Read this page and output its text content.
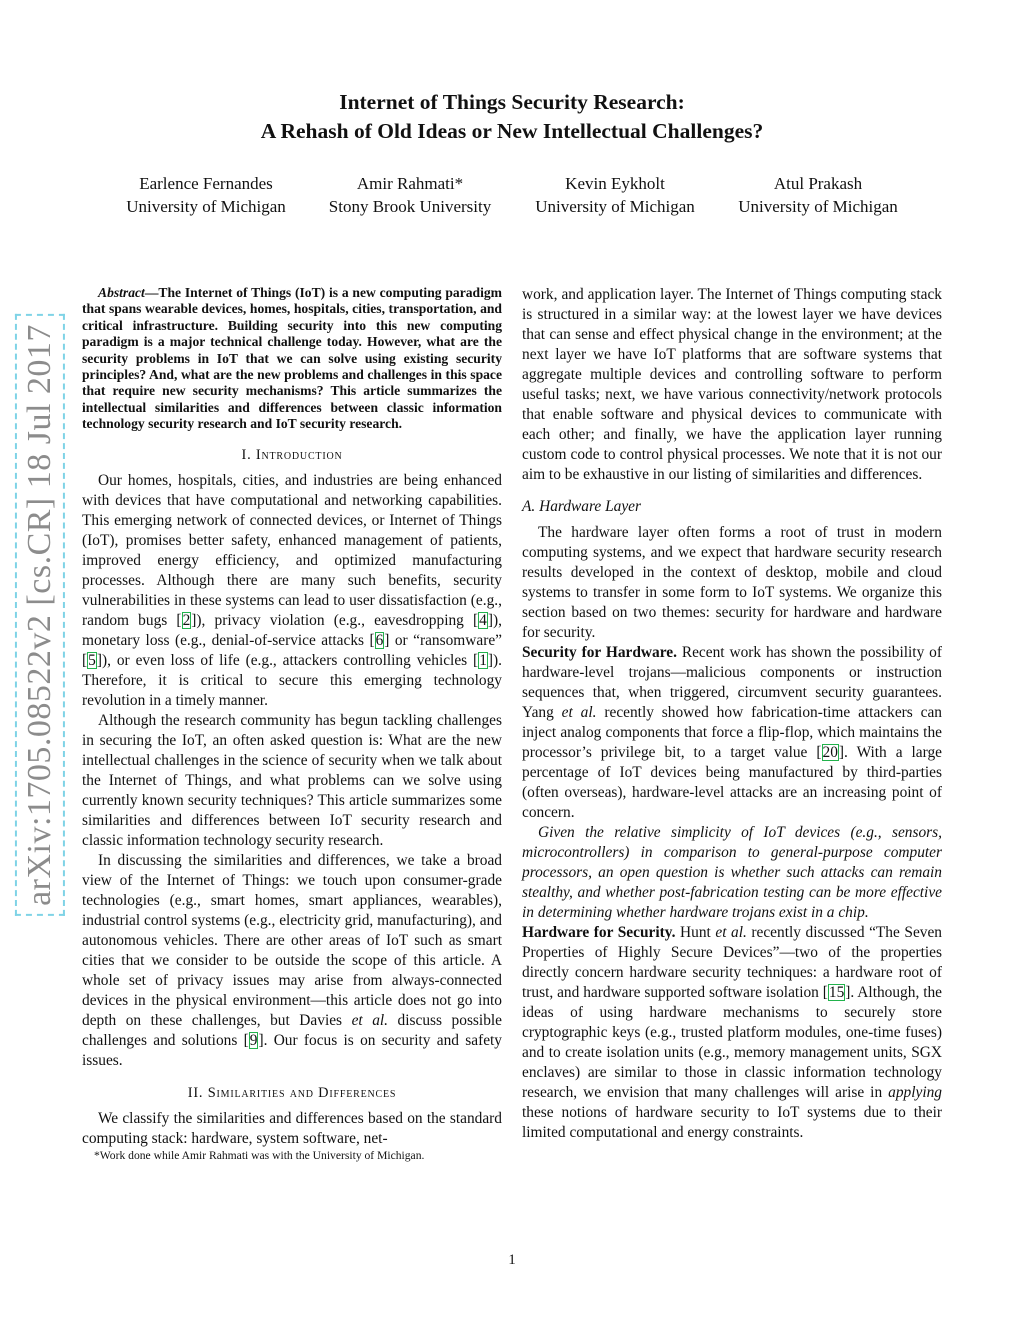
arXiv:1705.08522v2 [cs.CR] 18 Jul 2017
Internet of Things Security Research:
A Rehash of Old Ideas or New Intellectual Challenges?
Earlence Fernandes
University of Michigan
Amir Rahmati*
Stony Brook University
Kevin Eykholt
University of Michigan
Atul Prakash
University of Michigan

Abstract—The Internet of Things (IoT) is a new computing paradigm that spans wearable devices, homes, hospitals, cities, transportation, and critical infrastructure. Building security into this new computing paradigm is a major technical challenge today. However, what are the security problems in IoT that we can solve using existing security principles? And, what are the new problems and challenges in this space that require new security mechanisms? This article summarizes the intellectual similarities and differences between classic information technology security research and IoT security research.

I. Introduction

Our homes, hospitals, cities, and industries are being enhanced with devices that have computational and networking capabilities. This emerging network of connected devices, or Internet of Things (IoT), promises better safety, enhanced management of patients, improved energy efficiency, and optimized manufacturing processes. Although there are many such benefits, security vulnerabilities in these systems can lead to user dissatisfaction (e.g., random bugs [2]), privacy violation (e.g., eavesdropping [4]), monetary loss (e.g., denial-of-service attacks [6] or “ransomware” [5]), or even loss of life (e.g., attackers controlling vehicles [1]). Therefore, it is critical to secure this emerging technology revolution in a timely manner.

Although the research community has begun tackling challenges in securing the IoT, an often asked question is: What are the new intellectual challenges in the science of security when we talk about the Internet of Things, and what problems can we solve using currently known security techniques? This article summarizes some similarities and differences between IoT security research and classic information technology security research.

In discussing the similarities and differences, we take a broad view of the Internet of Things: we touch upon consumer-grade technologies (e.g., smart homes, smart appliances, wearables), industrial control systems (e.g., electricity grid, manufacturing), and autonomous vehicles. There are other areas of IoT such as smart cities that we consider to be outside the scope of this article. A whole set of privacy issues may arise from always-connected devices in the physical environment—this article does not go into depth on these challenges, but Davies et al. discuss possible challenges and solutions [9]. Our focus is on security and safety issues.

II. Similarities and Differences

We classify the similarities and differences based on the standard computing stack: hardware, system software, net-

*Work done while Amir Rahmati was with the University of Michigan.

work, and application layer. The Internet of Things computing stack is structured in a similar way: at the lowest layer we have devices that can sense and effect physical change in the environment; at the next layer we have IoT platforms that are software systems that aggregate multiple devices and controlling software to perform useful tasks; next, we have various connectivity/network protocols that enable software and physical devices to communicate with each other; and finally, we have the application layer running custom code to control physical processes. We note that it is not our aim to be exhaustive in our listing of similarities and differences.

A. Hardware Layer

The hardware layer often forms a root of trust in modern computing systems, and we expect that hardware security research results developed in the context of desktop, mobile and cloud systems to transfer in some form to IoT systems. We organize this section based on two themes: security for hardware and hardware for security.

Security for Hardware. Recent work has shown the possibility of hardware-level trojans—malicious components or instruction sequences that, when triggered, circumvent security guarantees. Yang et al. recently showed how fabrication-time attackers can inject analog components that force a flip-flop, which maintains the processor’s privilege bit, to a target value [20]. With a large percentage of IoT devices being manufactured by third-parties (often overseas), hardware-level attacks are an increasing point of concern.

Given the relative simplicity of IoT devices (e.g., sensors, microcontrollers) in comparison to general-purpose computer processors, an open question is whether such attacks can remain stealthy, and whether post-fabrication testing can be more effective in determining whether hardware trojans exist in a chip.

Hardware for Security. Hunt et al. recently discussed “The Seven Properties of Highly Secure Devices”—two of the properties directly concern hardware security techniques: a hardware root of trust, and hardware supported software isolation [15]. Although, the ideas of using hardware mechanisms to securely store cryptographic keys (e.g., trusted platform modules, one-time fuses) and to create isolation units (e.g., memory management units, SGX enclaves) are similar to those in classic information technology research, we envision that many challenges will arise in applying these notions of hardware security to IoT systems due to their limited computational and energy constraints.

1
